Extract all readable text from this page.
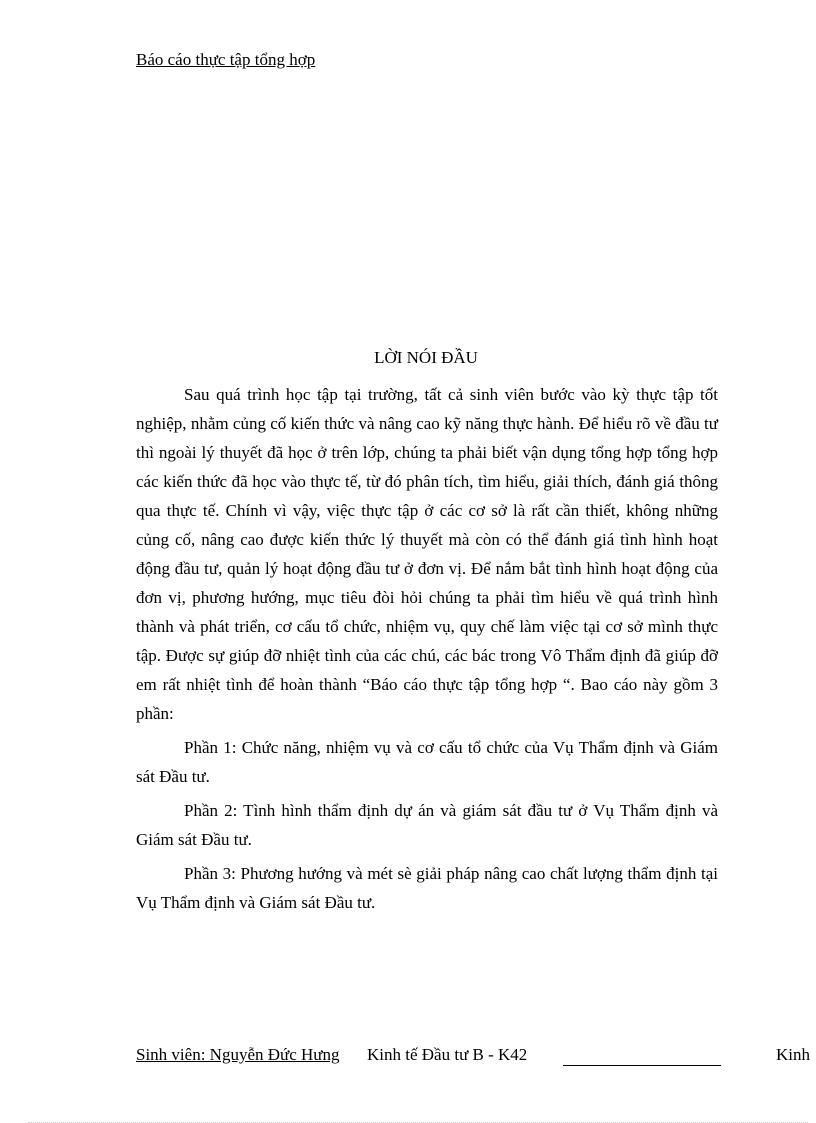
Báo cáo thực tập tổng hợp
LỜI NÓI ĐẦU

Sau quá trình học tập tại trường, tất cả sinh viên bước vào kỳ thực tập tốt nghiệp, nhằm củng cố kiến thức và nâng cao kỹ năng thực hành. Để hiểu rõ về đầu tư thì ngoài lý thuyết đã học ở trên lớp, chúng ta phải biết vận dụng tổng hợp tổng hợp các kiến thức đã học vào thực tế, từ đó phân tích, tìm hiểu, giải thích, đánh giá thông qua thực tế. Chính vì vậy, việc thực tập ở các cơ sở là rất cần thiết, không những củng cố, nâng cao được kiến thức lý thuyết mà còn có thể đánh giá tình hình hoạt động đầu tư, quản lý hoạt động đầu tư ở đơn vị. Để nắm bắt tình hình hoạt động của đơn vị, phương hướng, mục tiêu đòi hỏi chúng ta phải tìm hiểu về quá trình hình thành và phát triển, cơ cấu tổ chức, nhiệm vụ, quy chế làm việc tại cơ sở mình thực tập. Được sự giúp đỡ nhiệt tình của các chú, các bác trong Vô Thẩm định đã giúp đỡ em rất nhiệt tình để hoàn thành “Báo cáo thực tập tổng hợp “. Bao cáo này gồm 3 phần:

Phần 1: Chức năng, nhiệm vụ và cơ cấu tổ chức của Vụ Thẩm định và Giám sát Đầu tư.

Phần 2: Tình hình thẩm định dự án và giám sát đầu tư ở Vụ Thẩm định và Giám sát Đầu tư.

Phần 3: Phương hướng và mét sè giải pháp nâng cao chất lượng thẩm định tại Vụ Thẩm định và Giám sát Đầu tư.

Sinh viên: Nguyễn Đức Hưng Kinh tế Đầu tư B - K42	Kinh
